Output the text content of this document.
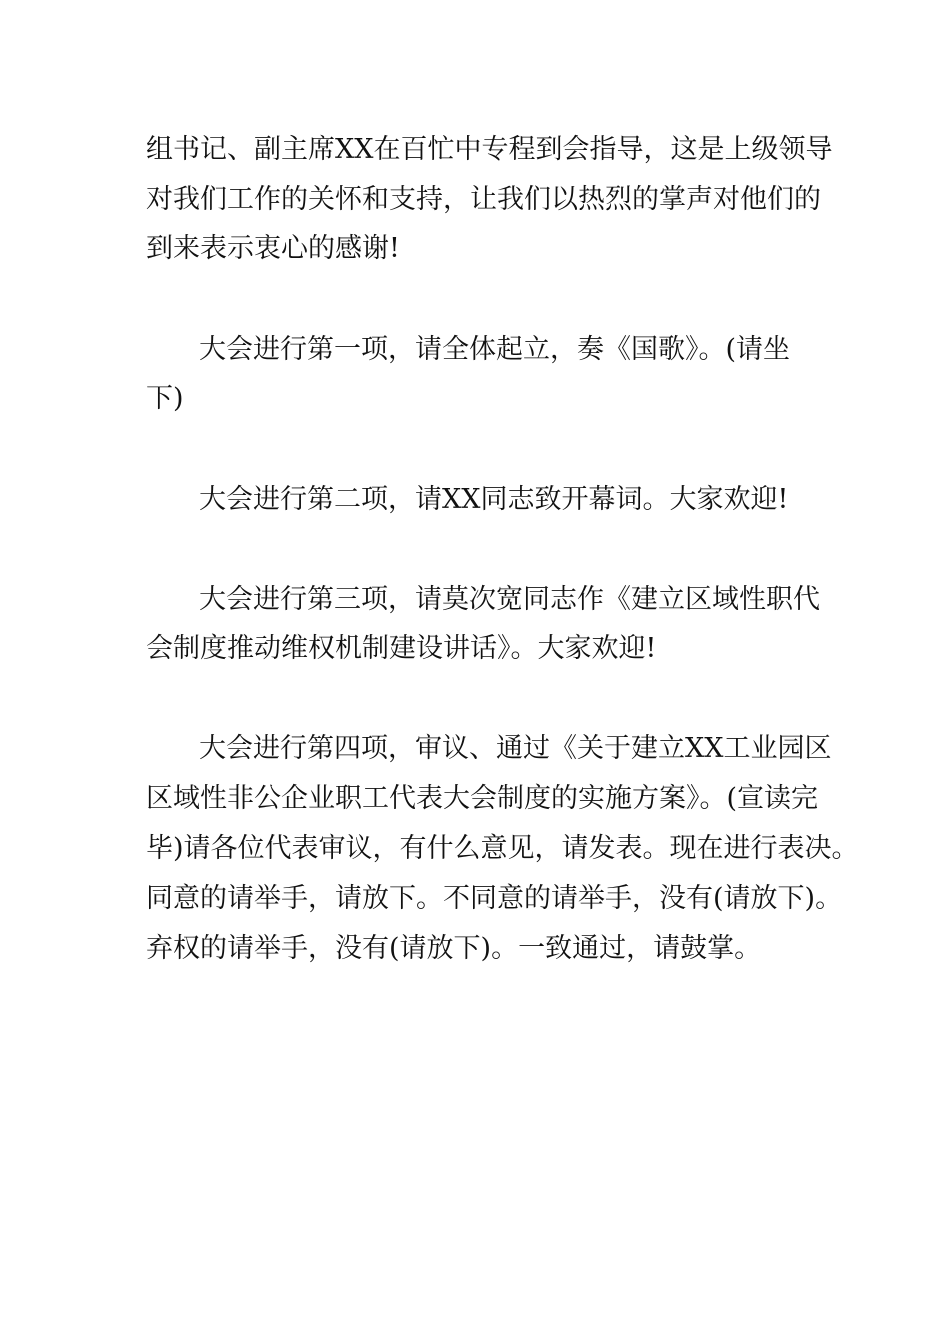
组书记、副主席XX在百忙中专程到会指导，这是上级领导

对我们工作的关怀和支持，让我们以热烈的掌声对他们的

到来表示衷心的感谢!

大会进行第一项，请全体起立，奏《国歌》。(请坐

下)

大会进行第二项，请XX同志致开幕词。大家欢迎!

大会进行第三项，请莫次宽同志作《建立区域性职代

会制度推动维权机制建设讲话》。大家欢迎!

大会进行第四项，审议、通过《关于建立XX工业园区

区域性非公企业职工代表大会制度的实施方案》。(宣读完

毕)请各位代表审议，有什么意见，请发表。现在进行表决。

同意的请举手，请放下。不同意的请举手，没有(请放下)。

弃权的请举手，没有(请放下)。一致通过，请鼓掌。
